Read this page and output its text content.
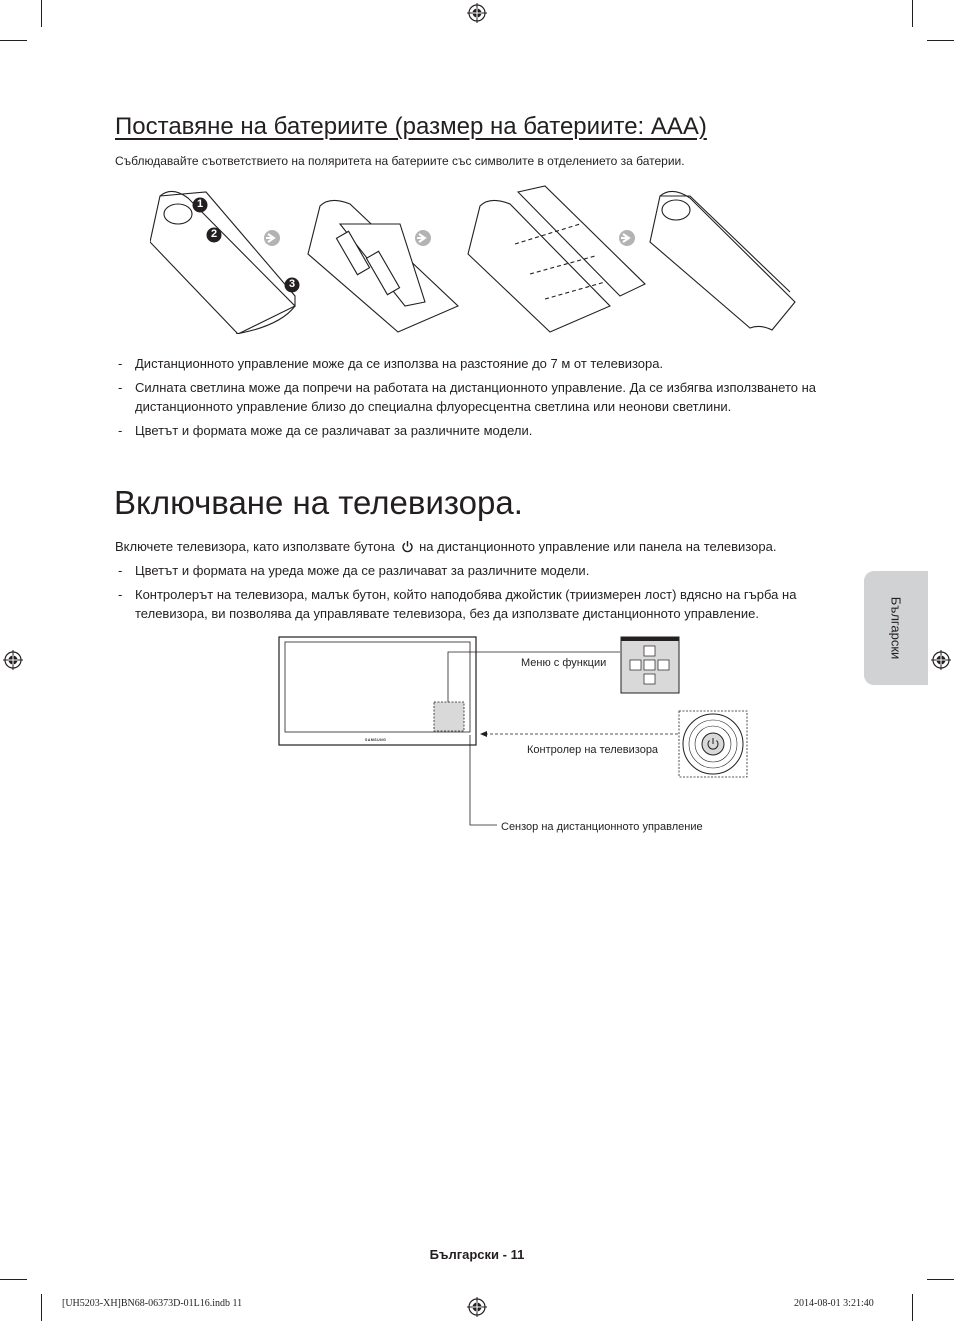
Поставяне на батериите (размер на батериите: AAA)
Съблюдавайте съответствието на поляритета на батериите със символите в отделението за батерии.
1
2
3
- Дистанционното управление може да се използва на разстояние до 7 м от телевизора.
- Силната светлина може да попречи на работата на дистанционното управление. Да се избягва използването на дистанционното управление близо до специална флуоресцентна светлина или неонови светлини.
- Цветът и формата може да се различават за различните модели.
Включване на телевизора.
Включете телевизора, като използвате бутона на дистанционното управление или панела на телевизора.
- Цветът и формата на уреда може да се различават за различните модели.
- Контролерът на телевизора, малък бутон, който наподобява джойстик (триизмерен лост) вдясно на гърба на телевизора, ви позволява да управлявате телевизора, без да използвате дистанционното управление.
SAMSUNG
Меню с функции
Контролер на телевизора
Сензор на дистанционното управление
Български
Български - 11
[UH5203-XH]BN68-06373D-01L16.indb 11	2014-08-01 3:21:40
